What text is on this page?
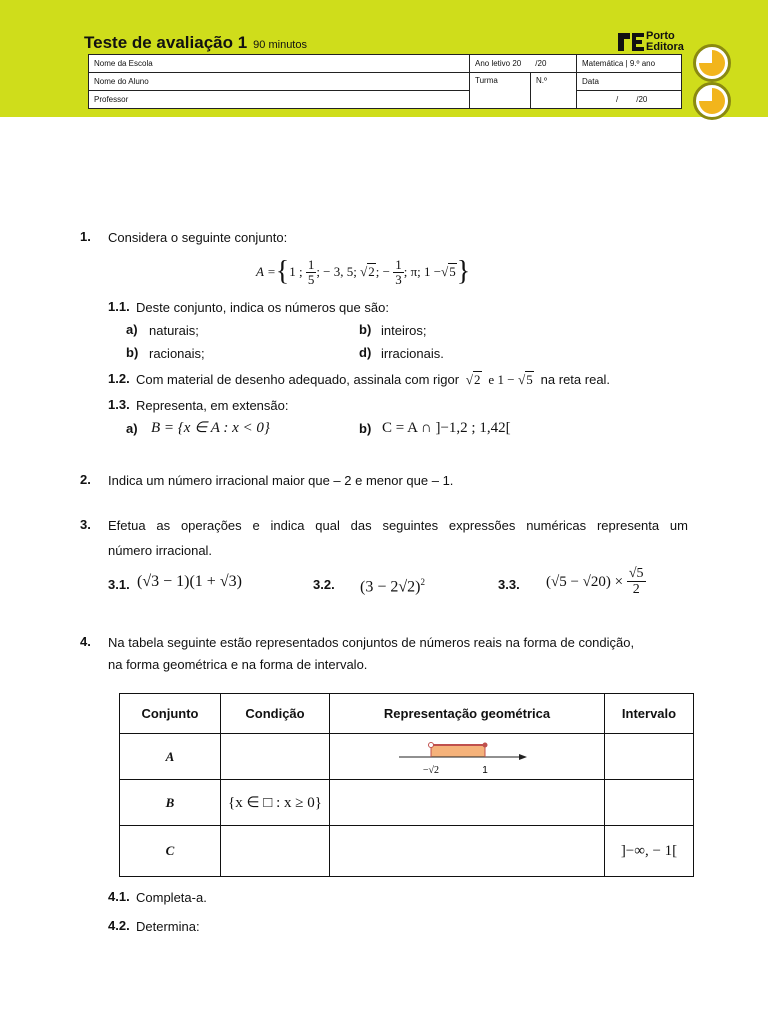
Teste de avaliação 1 90 minutos
Porto
Editora
Nome da Escola	Ano letivo 20 /20		Matemática | 9.º ano
Nome do Aluno	Turma	N.º	Data
Professor			/ /20
1. Considera o seguinte conjunto:
A = { 1 ;
$\frac{1}{5}$ ; − 3, 5;
√2 ; −
$\frac{1}{3}$ ; π; 1 − √5 }
1.1. Deste conjunto, indica os números que são:
a) naturais;	b) inteiros;
b) racionais;	d) irracionais.
1.2. Com material de desenho adequado, assinala com rigor  √2 e 1 − √5 na reta real.
1.3. Representa, em extensão:
a) B = {x ∈ A : x < 0}	b) C = A ∩ ]−1,2 ; 1,42[
2. Indica um número irracional maior que – 2 e menor que – 1.
3. Efetua as operações e indica qual das seguintes expressões numéricas representa um
número irracional.
3.1. (√3 − 1)(1 + √3)	3.2. $(3 - 2√2)^2$	3.3. (√5 − √20) ×
$\frac{√5}{2}$
4. Na tabela seguinte estão representados conjuntos de números reais na forma de condição,
na forma geométrica e na forma de intervalo.
Conjunto	Condição	Representação geométrica	Intervalo
A		−√2 1	

B	{x ∈ □ : x ≥ 0}		
C			]−∞, − 1[
4.1. Completa-a.
4.2. Determina:
